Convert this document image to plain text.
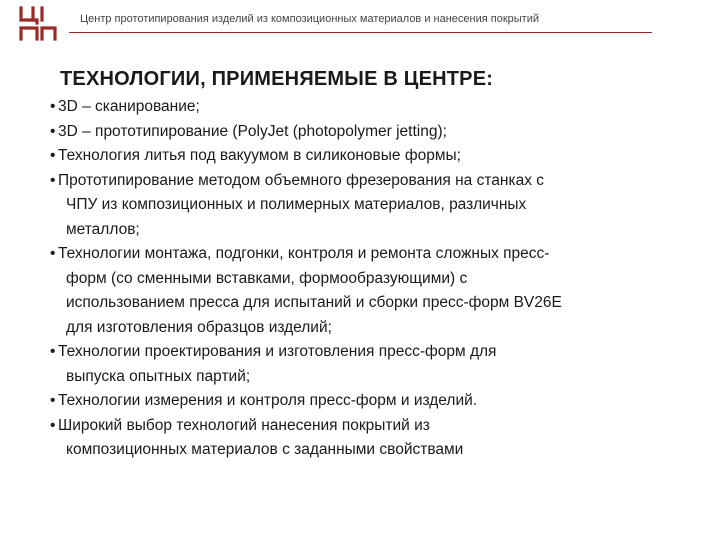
Центр прототипирования изделий из композиционных материалов и нанесения покрытий
ТЕХНОЛОГИИ, ПРИМЕНЯЕМЫЕ В ЦЕНТРЕ:
• 3D – сканирование;
• 3D – прототипирование (PolyJet (photopolymer jetting);
• Технология литья под вакуумом в силиконовые формы;
• Прототипирование методом объемного фрезерования на станках с
ЧПУ из композиционных и полимерных материалов, различных
металлов;
• Технологии монтажа, подгонки, контроля и ремонта сложных пресс-
форм (со сменными вставками, формообразующими) с
использованием пресса для испытаний и сборки пресс-форм BV26E
для изготовления образцов изделий;
• Технологии проектирования и изготовления пресс-форм для
выпуска опытных партий;
• Технологии измерения и контроля пресс-форм и изделий.
• Широкий выбор технологий нанесения покрытий из
композиционных материалов с заданными свойствами
